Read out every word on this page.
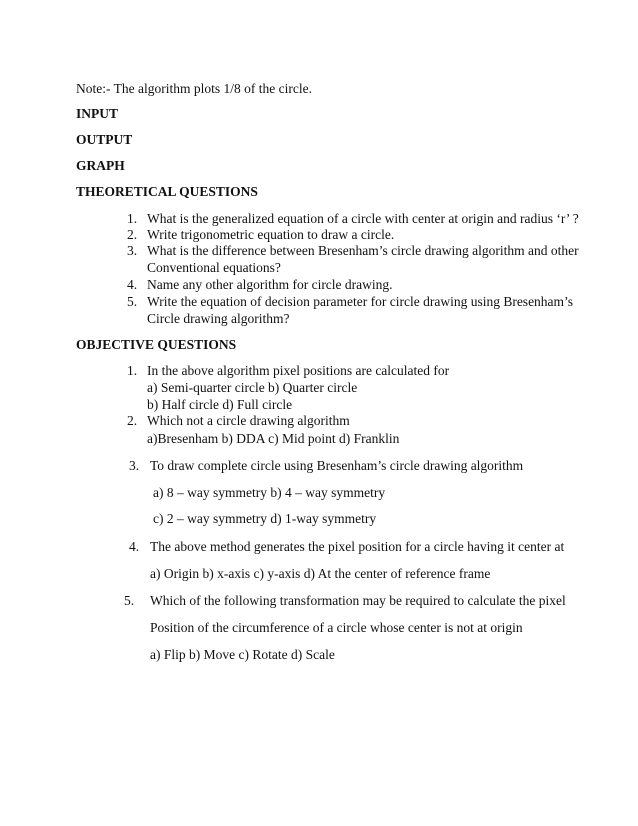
Note:- The algorithm plots 1/8 of the circle.
INPUT
OUTPUT
GRAPH
THEORETICAL QUESTIONS
1. What is the generalized equation of a circle with center at origin and radius ‘r’ ?
2. Write trigonometric equation to draw a circle.
3. What is the difference between Bresenham’s circle drawing algorithm and other
Conventional equations?
4. Name any other algorithm for circle drawing.
5. Write the equation of decision parameter for circle drawing using Bresenham’s
Circle drawing algorithm?
OBJECTIVE QUESTIONS
1. In the above algorithm pixel positions are calculated for
a) Semi-quarter circle b) Quarter circle
b) Half circle d) Full circle
2. Which not a circle drawing algorithm
a)Bresenham b) DDA c) Mid point d) Franklin
3. To draw complete circle using Bresenham’s circle drawing algorithm
a) 8 – way symmetry b) 4 – way symmetry
c) 2 – way symmetry d) 1-way symmetry
4. The above method generates the pixel position for a circle having it center at
a) Origin b) x-axis c) y-axis d) At the center of reference frame
5. Which of the following transformation may be required to calculate the pixel
Position of the circumference of a circle whose center is not at origin
a) Flip b) Move c) Rotate d) Scale
